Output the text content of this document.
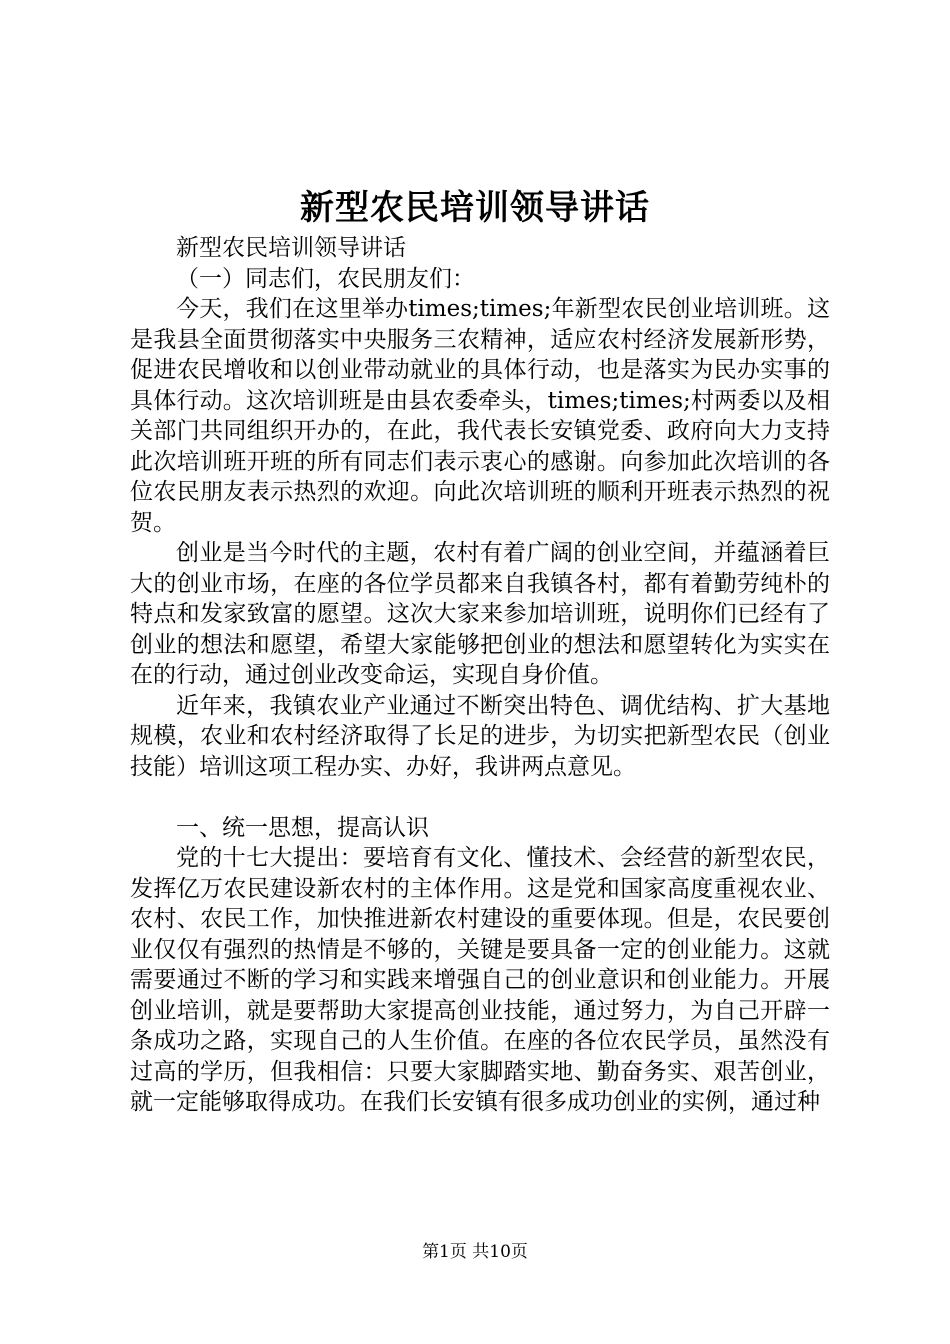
新型农民培训领导讲话

新型农民培训领导讲话

（一）同志们，农民朋友们：

今天，我们在这里举办times;times;年新型农民创业培训班。这是我县全面贯彻落实中央服务三农精神，适应农村经济发展新形势，促进农民增收和以创业带动就业的具体行动，也是落实为民办实事的具体行动。这次培训班是由县农委牵头，times;times;村两委以及相关部门共同组织开办的，在此，我代表长安镇党委、政府向大力支持此次培训班开班的所有同志们表示衷心的感谢。向参加此次培训的各位农民朋友表示热烈的欢迎。向此次培训班的顺利开班表示热烈的祝贺。

创业是当今时代的主题，农村有着广阔的创业空间，并蕴涵着巨大的创业市场，在座的各位学员都来自我镇各村，都有着勤劳纯朴的特点和发家致富的愿望。这次大家来参加培训班，说明你们已经有了创业的想法和愿望，希望大家能够把创业的想法和愿望转化为实实在在的行动，通过创业改变命运，实现自身价值。

近年来，我镇农业产业通过不断突出特色、调优结构、扩大基地规模，农业和农村经济取得了长足的进步，为切实把新型农民（创业技能）培训这项工程办实、办好，我讲两点意见。

一、统一思想，提高认识

党的十七大提出：要培育有文化、懂技术、会经营的新型农民，发挥亿万农民建设新农村的主体作用。这是党和国家高度重视农业、农村、农民工作，加快推进新农村建设的重要体现。但是，农民要创业仅仅有强烈的热情是不够的，关键是要具备一定的创业能力。这就需要通过不断的学习和实践来增强自己的创业意识和创业能力。开展创业培训，就是要帮助大家提高创业技能，通过努力，为自己开辟一条成功之路，实现自己的人生价值。在座的各位农民学员，虽然没有过高的学历，但我相信：只要大家脚踏实地、勤奋务实、艰苦创业，就一定能够取得成功。在我们长安镇有很多成功创业的实例，通过种

第1页 共10页
